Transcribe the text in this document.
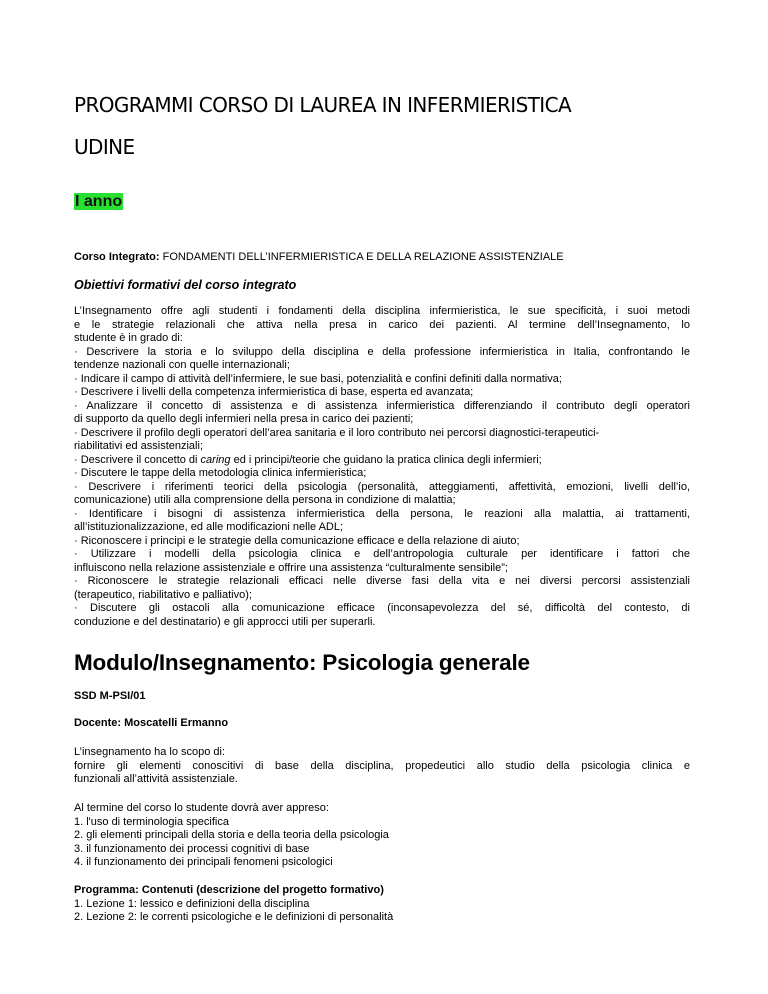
PROGRAMMI CORSO DI LAUREA IN INFERMIERISTICA

UDINE

I anno

Corso Integrato: FONDAMENTI DELL’INFERMIERISTICA E DELLA RELAZIONE ASSISTENZIALE

Obiettivi formativi del corso integrato

L’Insegnamento offre agli studenti i fondamenti della disciplina infermieristica, le sue specificità, i suoi metodi

e le strategie relazionali che attiva nella presa in carico dei pazienti. Al termine dell’Insegnamento, lo

studente è in grado di:

· Descrivere la storia e lo sviluppo della disciplina e della professione infermieristica in Italia, confrontando le

tendenze nazionali con quelle internazionali;

· Indicare il campo di attività dell’infermiere, le sue basi, potenzialità e confini definiti dalla normativa;

· Descrivere i livelli della competenza infermieristica di base, esperta ed avanzata;

· Analizzare il concetto di assistenza e di assistenza infermieristica differenziando il contributo degli operatori

di supporto da quello degli infermieri nella presa in carico dei pazienti;

· Descrivere il profilo degli operatori dell’area sanitaria e il loro contributo nei percorsi diagnostici-terapeutici-

riabilitativi ed assistenziali;

· Descrivere il concetto di caring ed i principi/teorie che guidano la pratica clinica degli infermieri;

· Discutere le tappe della metodologia clinica infermieristica;

· Descrivere i riferimenti teorici della psicologia (personalità, atteggiamenti, affettività, emozioni, livelli dell’io,

comunicazione) utili alla comprensione della persona in condizione di malattia;

· Identificare i bisogni di assistenza infermieristica della persona, le reazioni alla malattia, ai trattamenti,

all’istituzionalizzazione, ed alle modificazioni nelle ADL;

· Riconoscere i principi e le strategie della comunicazione efficace e della relazione di aiuto;

· Utilizzare i modelli della psicologia clinica e dell’antropologia culturale per identificare i fattori che

influiscono nella relazione assistenziale e offrire una assistenza “culturalmente sensibile”;

· Riconoscere le strategie relazionali efficaci nelle diverse fasi della vita e nei diversi percorsi assistenziali

(terapeutico, riabilitativo e palliativo);

· Discutere gli ostacoli alla comunicazione efficace (inconsapevolezza del sé, difficoltà del contesto, di

conduzione e del destinatario) e gli approcci utili per superarli.

Modulo/Insegnamento: Psicologia generale

SSD M-PSI/01

Docente: Moscatelli Ermanno

L’insegnamento ha lo scopo di:

fornire gli elementi conoscitivi di base della disciplina, propedeutici allo studio della psicologia clinica e

funzionali all’attività assistenziale.

Al termine del corso lo studente dovrà aver appreso:

1. l'uso di terminologia specifica

2. gli elementi principali della storia e della teoria della psicologia

3. il funzionamento dei processi cognitivi di base

4. il funzionamento dei principali fenomeni psicologici

Programma: Contenuti (descrizione del progetto formativo)

1. Lezione 1: lessico e definizioni della disciplina

2. Lezione 2: le correnti psicologiche e le definizioni di personalità
